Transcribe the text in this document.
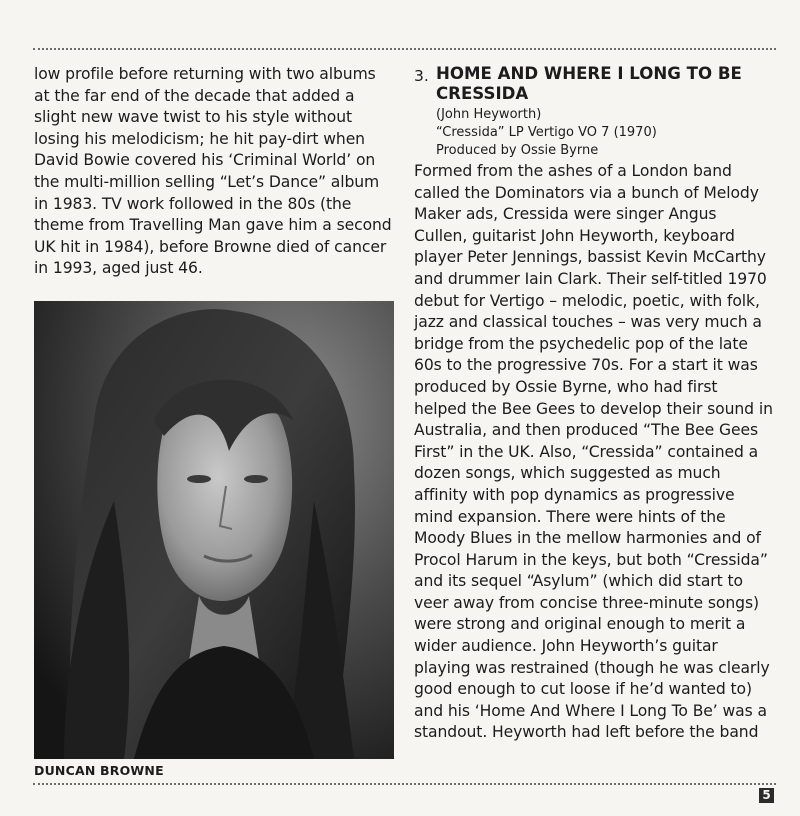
low profile before returning with two albums at the far end of the decade that added a slight new wave twist to his style without losing his melodicism; he hit pay-dirt when David Bowie covered his ‘Criminal World’ on the multi-million selling “Let’s Dance” album in 1983. TV work followed in the 80s (the theme from Travelling Man gave him a second UK hit in 1984), before Browne died of cancer in 1993, aged just 46.

DUNCAN BROWNE
3. HOME AND WHERE I LONG TO BE
CRESSIDA
(John Heyworth)
“Cressida” LP Vertigo VO 7 (1970)
Produced by Ossie Byrne

Formed from the ashes of a London band called the Dominators via a bunch of Melody Maker ads, Cressida were singer Angus Cullen, guitarist John Heyworth, keyboard player Peter Jennings, bassist Kevin McCarthy and drummer Iain Clark. Their self-titled 1970 debut for Vertigo – melodic, poetic, with folk, jazz and classical touches – was very much a bridge from the psychedelic pop of the late 60s to the progressive 70s. For a start it was produced by Ossie Byrne, who had first helped the Bee Gees to develop their sound in Australia, and then produced “The Bee Gees First” in the UK. Also, “Cressida” contained a dozen songs, which suggested as much affinity with pop dynamics as progressive mind expansion. There were hints of the Moody Blues in the mellow harmonies and of Procol Harum in the keys, but both “Cressida” and its sequel “Asylum” (which did start to veer away from concise three-minute songs) were strong and original enough to merit a wider audience. John Heyworth’s guitar playing was restrained (though he was clearly good enough to cut loose if he’d wanted to) and his ‘Home And Where I Long To Be’ was a standout. Heyworth had left before the band

5
